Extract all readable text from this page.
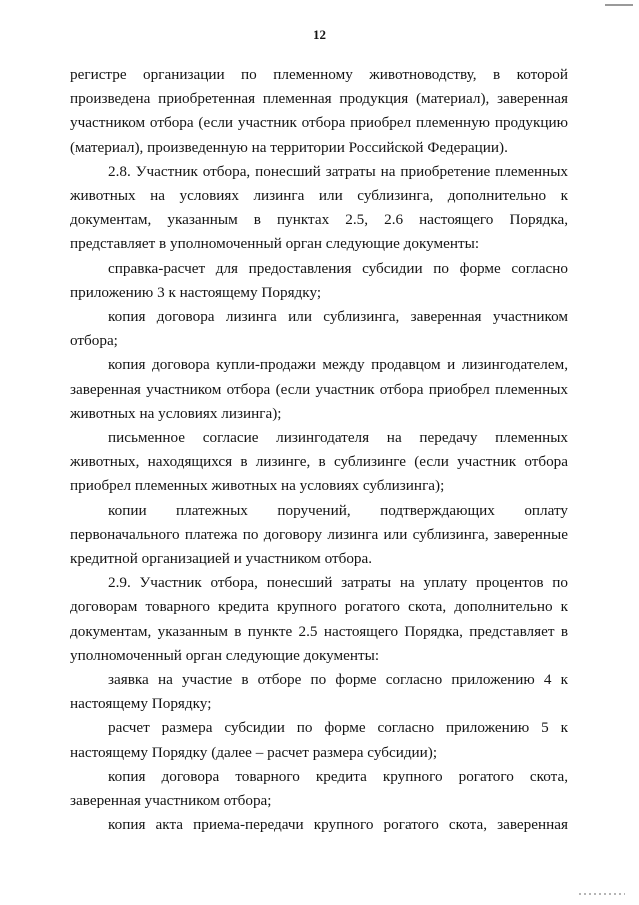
12

регистре организации по племенному животноводству, в которой произведена приобретенная племенная продукция (материал), заверенная участником отбора (если участник отбора приобрел племенную продукцию (материал), произведенную на территории Российской Федерации).

2.8. Участник отбора, понесший затраты на приобретение племенных животных на условиях лизинга или сублизинга, дополнительно к документам, указанным в пунктах 2.5, 2.6 настоящего Порядка, представляет в уполномоченный орган следующие документы:

справка-расчет для предоставления субсидии по форме согласно приложению 3 к настоящему Порядку;

копия договора лизинга или сублизинга, заверенная участником отбора;

копия договора купли-продажи между продавцом и лизингодателем, заверенная участником отбора (если участник отбора приобрел племенных животных на условиях лизинга);

письменное согласие лизингодателя на передачу племенных животных, находящихся в лизинге, в сублизинге (если участник отбора приобрел племенных животных на условиях сублизинга);

копии платежных поручений, подтверждающих оплату первоначального платежа по договору лизинга или сублизинга, заверенные кредитной организацией и участником отбора.

2.9. Участник отбора, понесший затраты на уплату процентов по договорам товарного кредита крупного рогатого скота, дополнительно к документам, указанным в пункте 2.5 настоящего Порядка, представляет в уполномоченный орган следующие документы:

заявка на участие в отборе по форме согласно приложению 4 к настоящему Порядку;

расчет размера субсидии по форме согласно приложению 5 к настоящему Порядку (далее – расчет размера субсидии);

копия договора товарного кредита крупного рогатого скота, заверенная участником отбора;

копия акта приема-передачи крупного рогатого скота, заверенная
